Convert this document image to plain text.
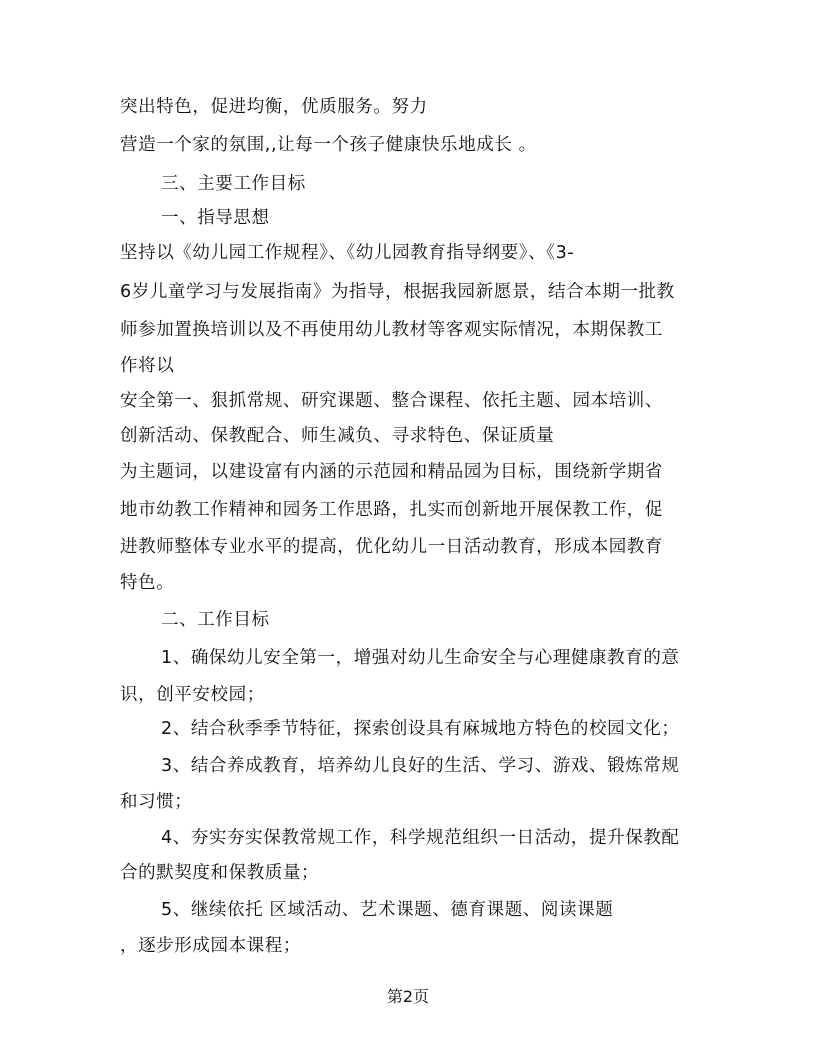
突出特色，促进均衡，优质服务。努力
营造一个家的氛围,,让每一个孩子健康快乐地成长 。
三、主要工作目标
一、指导思想
坚持以《幼儿园工作规程》、《幼儿园教育指导纲要》、《3-
6岁儿童学习与发展指南》为指导，根据我园新愿景，结合本期一批教
师参加置换培训以及不再使用幼儿教材等客观实际情况，本期保教工
作将以
安全第一、狠抓常规、研究课题、整合课程、依托主题、园本培训、
创新活动、保教配合、师生减负、寻求特色、保证质量
为主题词，以建设富有内涵的示范园和精品园为目标，围绕新学期省
地市幼教工作精神和园务工作思路，扎实而创新地开展保教工作，促
进教师整体专业水平的提高，优化幼儿一日活动教育，形成本园教育
特色。
二、工作目标
1、确保幼儿安全第一，增强对幼儿生命安全与心理健康教育的意
识，创平安校园；
2、结合秋季季节特征，探索创设具有麻城地方特色的校园文化；
3、结合养成教育，培养幼儿良好的生活、学习、游戏、锻炼常规
和习惯；
4、夯实夯实保教常规工作，科学规范组织一日活动，提升保教配
合的默契度和保教质量；
5、继续依托 区域活动、艺术课题、德育课题、阅读课题
，逐步形成园本课程；
第2页
